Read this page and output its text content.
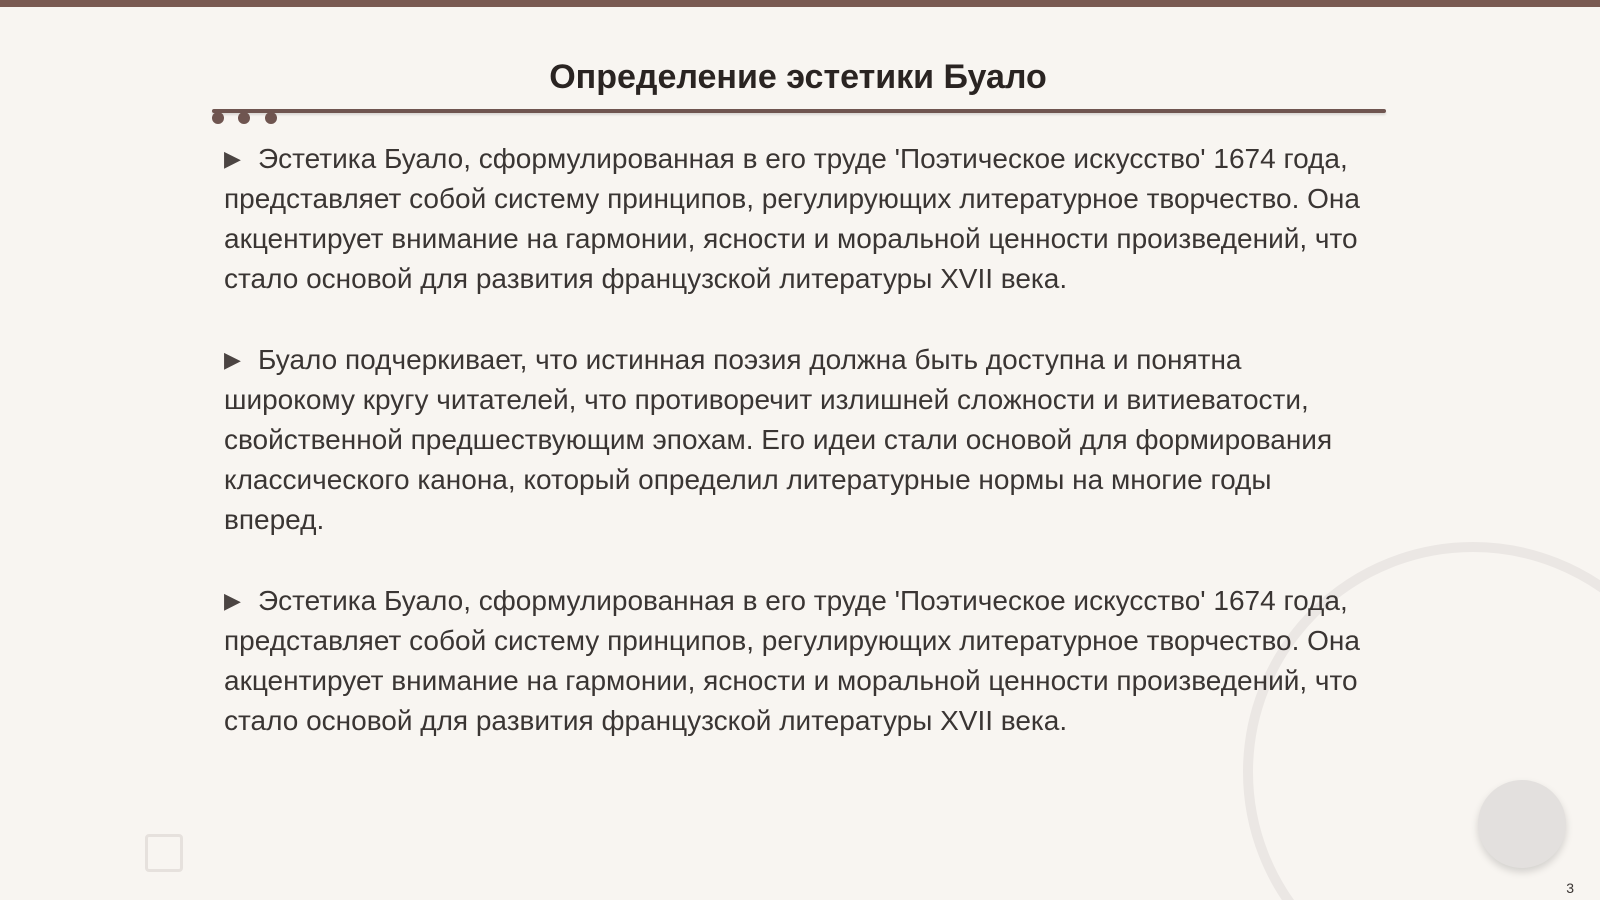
Определение эстетики Буало

▶ Эстетика Буало, сформулированная в его труде 'Поэтическое искусство' 1674 года, представляет собой систему принципов, регулирующих литературное творчество. Она акцентирует внимание на гармонии, ясности и моральной ценности произведений, что стало основой для развития французской литературы XVII века.

▶ Буало подчеркивает, что истинная поэзия должна быть доступна и понятна широкому кругу читателей, что противоречит излишней сложности и витиеватости, свойственной предшествующим эпохам. Его идеи стали основой для формирования классического канона, который определил литературные нормы на многие годы вперед.

▶ Эстетика Буало, сформулированная в его труде 'Поэтическое искусство' 1674 года, представляет собой систему принципов, регулирующих литературное творчество. Она акцентирует внимание на гармонии, ясности и моральной ценности произведений, что стало основой для развития французской литературы XVII века.

3
